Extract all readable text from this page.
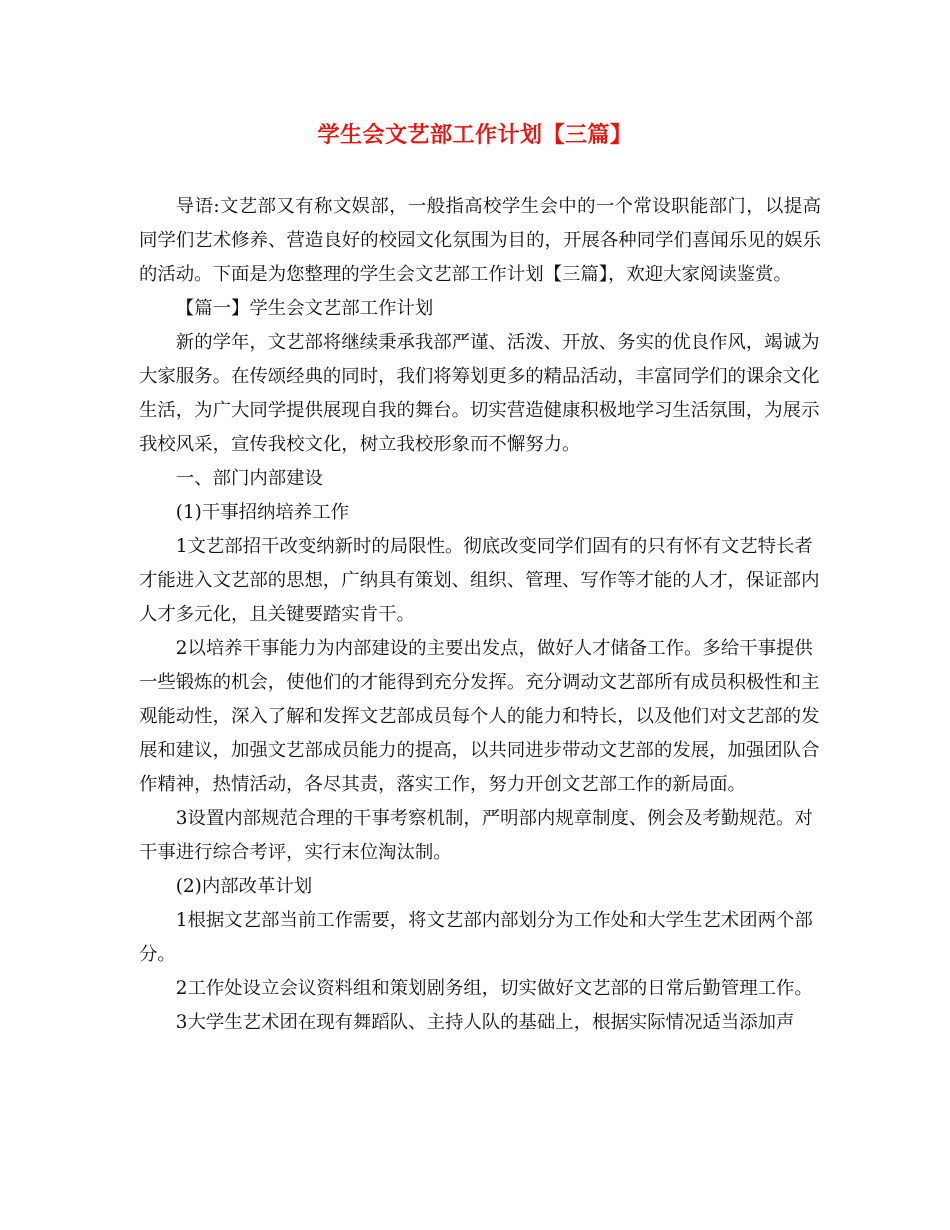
学生会文艺部工作计划【三篇】

导语:文艺部又有称文娱部，一般指高校学生会中的一个常设职能部门，以提高同学们艺术修养、营造良好的校园文化氛围为目的，开展各种同学们喜闻乐见的娱乐的活动。下面是为您整理的学生会文艺部工作计划【三篇】，欢迎大家阅读鉴赏。

【篇一】学生会文艺部工作计划

新的学年，文艺部将继续秉承我部严谨、活泼、开放、务实的优良作风，竭诚为大家服务。在传颂经典的同时，我们将筹划更多的精品活动，丰富同学们的课余文化生活，为广大同学提供展现自我的舞台。切实营造健康积极地学习生活氛围，为展示我校风采，宣传我校文化，树立我校形象而不懈努力。

一、部门内部建设

(1)干事招纳培养工作

1文艺部招干改变纳新时的局限性。彻底改变同学们固有的只有怀有文艺特长者才能进入文艺部的思想，广纳具有策划、组织、管理、写作等才能的人才，保证部内人才多元化，且关键要踏实肯干。

2以培养干事能力为内部建设的主要出发点，做好人才储备工作。多给干事提供一些锻炼的机会，使他们的才能得到充分发挥。充分调动文艺部所有成员积极性和主观能动性，深入了解和发挥文艺部成员每个人的能力和特长，以及他们对文艺部的发展和建议，加强文艺部成员能力的提高，以共同进步带动文艺部的发展，加强团队合作精神，热情活动，各尽其责，落实工作，努力开创文艺部工作的新局面。

3设置内部规范合理的干事考察机制，严明部内规章制度、例会及考勤规范。对干事进行综合考评，实行末位淘汰制。

(2)内部改革计划

1根据文艺部当前工作需要，将文艺部内部划分为工作处和大学生艺术团两个部分。

2工作处设立会议资料组和策划剧务组，切实做好文艺部的日常后勤管理工作。

3大学生艺术团在现有舞蹈队、主持人队的基础上，根据实际情况适当添加声
